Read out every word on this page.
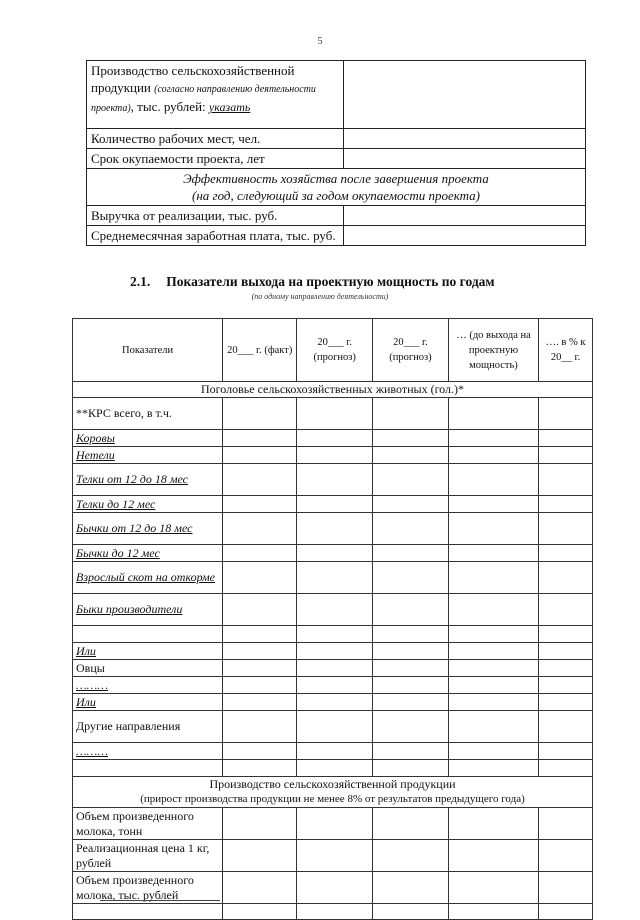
5
Производство сельскохозяйственной продукции (согласно направлению деятельности проекта), тыс. рублей: указать	
Количество рабочих мест, чел.	
Срок окупаемости проекта, лет	

Эффективность хозяйства после завершения проекта
(на год, следующий за годом окупаемости проекта)	

Выручка от реализации, тыс. руб.	
Среднемесячная заработная плата, тыс. руб.	
2.1. Показатели выхода на проектную мощность по годам
(по одному направлению деятельности)
Показатели	20___ г. (факт)	20___ г. (прогноз)	20___ г. (прогноз)	… (до выхода на проектную мощность)	…. в % к 20__ г.

Поголовье сельскохозяйственных животных (гол.)*					

**КРС всего, в т.ч.					
Коровы					
Нетели					
Телки от 12 до 18 мес					
Телки до 12 мес					
Бычки от 12 до 18 мес					
Бычки до 12 мес					
Взрослый скот на откорме					
Быки производители					

Или					
Овцы					
………					
Или					
Другие направления					
………					

Производство сельскохозяйственной продукции
(прирост производства продукции не менее 8% от результатов предыдущего года)					

Объем произведенного молока, тонн					
Реализационная цена 1 кг, рублей					
Объем произведенного молока, тыс. рублей					
